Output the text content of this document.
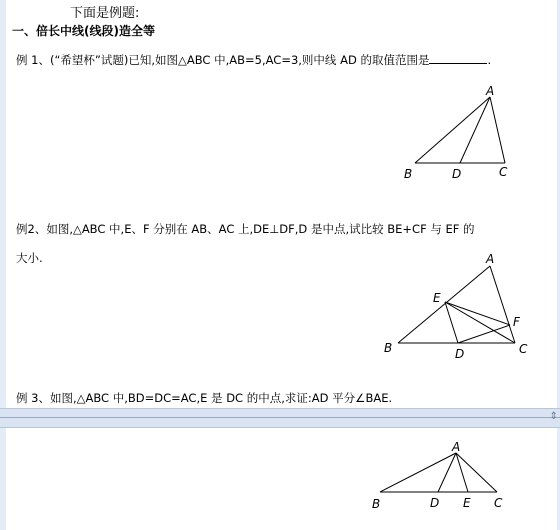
下面是例题:
一、倍长中线(线段)造全等
例 1、(“希望杯”试题)已知,如图△ABC 中,AB=5,AC=3,则中线 AD 的取值范围是	.
A
B	D	C
例2、如图,△ABC 中,E、F 分别在 AB、AC 上,DE⊥DF,D 是中点,试比较 BE+CF 与 EF 的
大小.	A
E
F
B	D	C
例 3、如图,△ABC 中,BD=DC=AC,E 是 DC 的中点,求证:AD 平分∠BAE.
⇕
A
B	D E C
